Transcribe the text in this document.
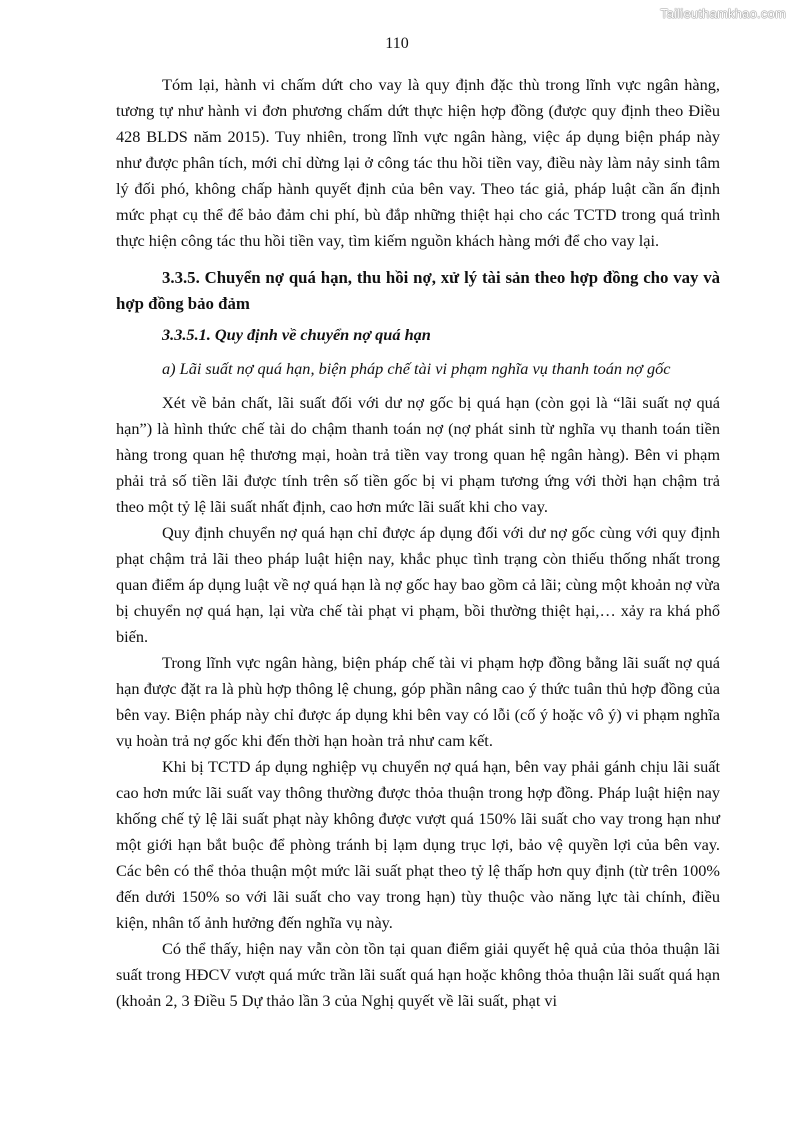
Tailieuthamkhao.com
110

Tóm lại, hành vi chấm dứt cho vay là quy định đặc thù trong lĩnh vực ngân hàng, tương tự như hành vi đơn phương chấm dứt thực hiện hợp đồng (được quy định theo Điều 428 BLDS năm 2015). Tuy nhiên, trong lĩnh vực ngân hàng, việc áp dụng biện pháp này như được phân tích, mới chỉ dừng lại ở công tác thu hồi tiền vay, điều này làm nảy sinh tâm lý đối phó, không chấp hành quyết định của bên vay. Theo tác giả, pháp luật cần ấn định mức phạt cụ thể để bảo đảm chi phí, bù đắp những thiệt hại cho các TCTD trong quá trình thực hiện công tác thu hồi tiền vay, tìm kiếm nguồn khách hàng mới để cho vay lại.

3.3.5. Chuyển nợ quá hạn, thu hồi nợ, xử lý tài sản theo hợp đồng cho vay và hợp đồng bảo đảm
3.3.5.1. Quy định về chuyển nợ quá hạn
a) Lãi suất nợ quá hạn, biện pháp chế tài vi phạm nghĩa vụ thanh toán nợ gốc

Xét về bản chất, lãi suất đối với dư nợ gốc bị quá hạn (còn gọi là “lãi suất nợ quá hạn”) là hình thức chế tài do chậm thanh toán nợ (nợ phát sinh từ nghĩa vụ thanh toán tiền hàng trong quan hệ thương mại, hoàn trả tiền vay trong quan hệ ngân hàng). Bên vi phạm phải trả số tiền lãi được tính trên số tiền gốc bị vi phạm tương ứng với thời hạn chậm trả theo một tỷ lệ lãi suất nhất định, cao hơn mức lãi suất khi cho vay.

Quy định chuyển nợ quá hạn chỉ được áp dụng đối với dư nợ gốc cùng với quy định phạt chậm trả lãi theo pháp luật hiện nay, khắc phục tình trạng còn thiếu thống nhất trong quan điểm áp dụng luật về nợ quá hạn là nợ gốc hay bao gồm cả lãi; cùng một khoản nợ vừa bị chuyển nợ quá hạn, lại vừa chế tài phạt vi phạm, bồi thường thiệt hại,… xảy ra khá phổ biến.

Trong lĩnh vực ngân hàng, biện pháp chế tài vi phạm hợp đồng bằng lãi suất nợ quá hạn được đặt ra là phù hợp thông lệ chung, góp phần nâng cao ý thức tuân thủ hợp đồng của bên vay. Biện pháp này chỉ được áp dụng khi bên vay có lỗi (cố ý hoặc vô ý) vi phạm nghĩa vụ hoàn trả nợ gốc khi đến thời hạn hoàn trả như cam kết.

Khi bị TCTD áp dụng nghiệp vụ chuyển nợ quá hạn, bên vay phải gánh chịu lãi suất cao hơn mức lãi suất vay thông thường được thỏa thuận trong hợp đồng. Pháp luật hiện nay khống chế tỷ lệ lãi suất phạt này không được vượt quá 150% lãi suất cho vay trong hạn như một giới hạn bắt buộc để phòng tránh bị lạm dụng trục lợi, bảo vệ quyền lợi của bên vay. Các bên có thể thỏa thuận một mức lãi suất phạt theo tỷ lệ thấp hơn quy định (từ trên 100% đến dưới 150% so với lãi suất cho vay trong hạn) tùy thuộc vào năng lực tài chính, điều kiện, nhân tố ảnh hưởng đến nghĩa vụ này.

Có thể thấy, hiện nay vẫn còn tồn tại quan điểm giải quyết hệ quả của thỏa thuận lãi suất trong HĐCV vượt quá mức trần lãi suất quá hạn hoặc không thỏa thuận lãi suất quá hạn (khoản 2, 3 Điều 5 Dự thảo lần 3 của Nghị quyết về lãi suất, phạt vi
